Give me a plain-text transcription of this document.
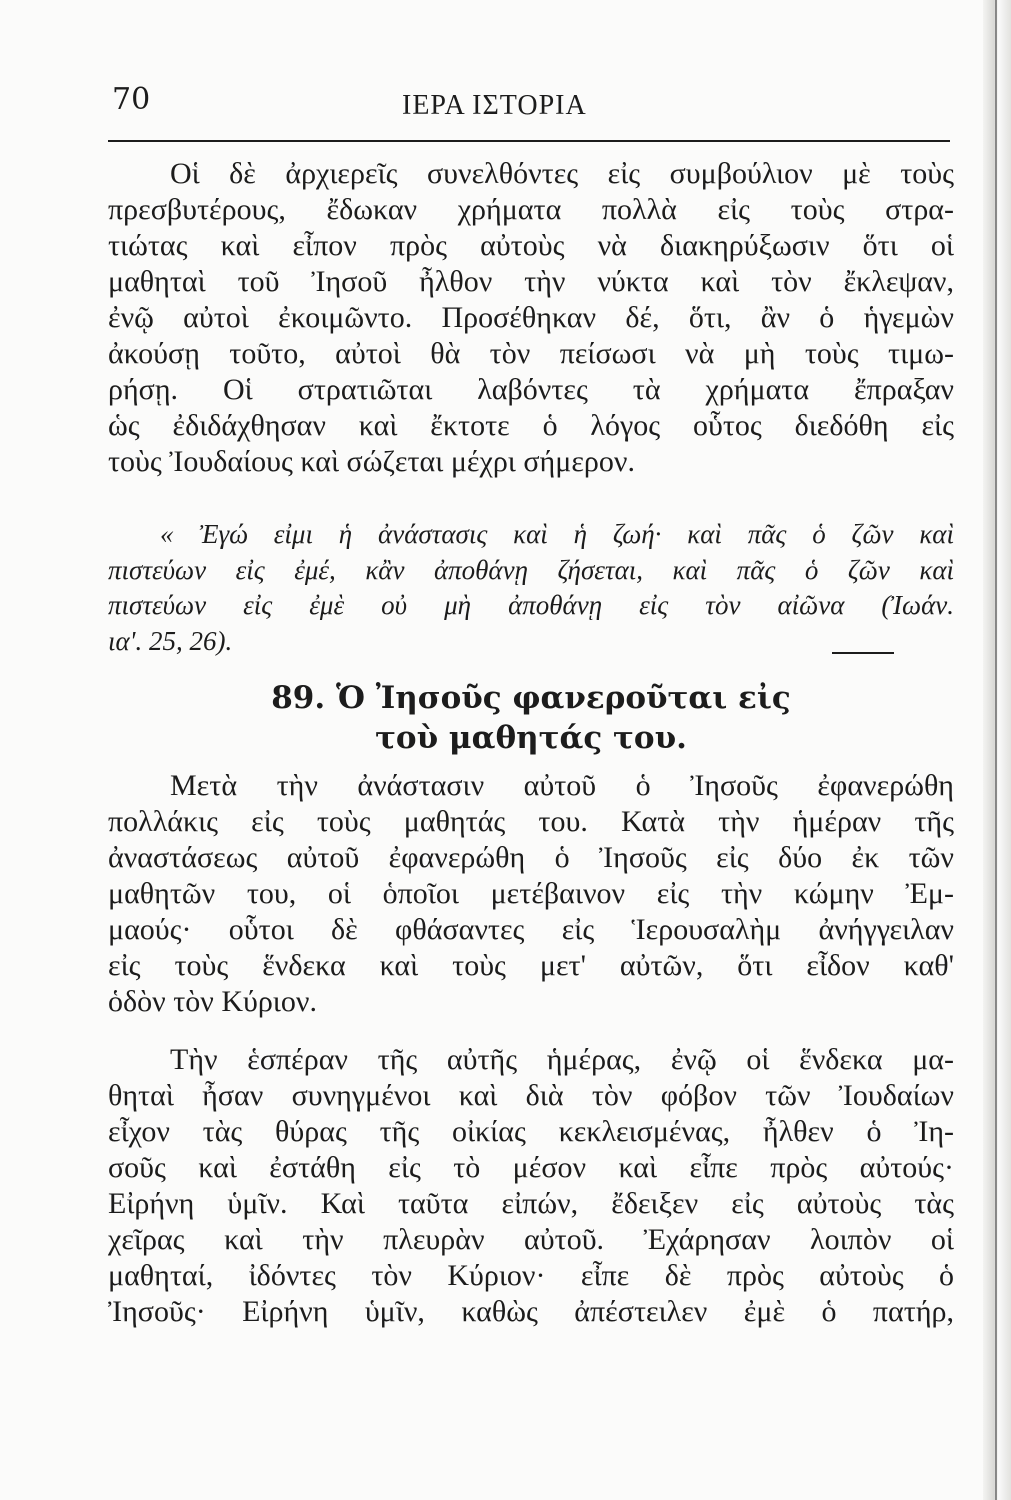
70	ΙΕΡΑ ΙΣΤΟΡΙΑ
Οἱ δὲ ἀρχιερεῖς συνελθόντες εἰς συμβούλιον μὲ τοὺς
πρεσβυτέρους, ἔδωκαν χρήματα πολλὰ εἰς τοὺς στρα-
τιώτας καὶ εἶπον πρὸς αὐτοὺς νὰ διακηρύξωσιν ὅτι οἱ
μαθηταὶ τοῦ Ἰησοῦ ἦλθον τὴν νύκτα καὶ τὸν ἔκλεψαν,
ἐνῷ αὐτοὶ ἐκοιμῶντο. Προσέθηκαν δέ, ὅτι, ἂν ὁ ἡγεμὼν
ἀκούσῃ τοῦτο, αὐτοὶ θὰ τὸν πείσωσι νὰ μὴ τοὺς τιμω-
ρήσῃ. Οἱ στρατιῶται λαβόντες τὰ χρήματα ἔπραξαν
ὡς ἐδιδάχθησαν καὶ ἔκτοτε ὁ λόγος οὗτος διεδόθη εἰς
τοὺς Ἰουδαίους καὶ σώζεται μέχρι σήμερον.
« Ἐγώ εἰμι ἡ ἀνάστασις καὶ ἡ ζωή· καὶ πᾶς ὁ ζῶν καὶ
πιστεύων εἰς ἐμέ, κἂν ἀποθάνῃ ζήσεται, καὶ πᾶς ὁ ζῶν καὶ
πιστεύων εἰς ἐμὲ οὐ μὴ ἀποθάνῃ εἰς τὸν αἰῶνα (Ἰωάν.
ια'. 25, 26).
89. Ὁ Ἰησοῦς φανεροῦται εἰς
τοὺ μαθητάς του.
Μετὰ τὴν ἀνάστασιν αὐτοῦ ὁ Ἰησοῦς ἐφανερώθη
πολλάκις εἰς τοὺς μαθητάς του. Κατὰ τὴν ἡμέραν τῆς
ἀναστάσεως αὐτοῦ ἐφανερώθη ὁ Ἰησοῦς εἰς δύο ἐκ τῶν
μαθητῶν του, οἱ ὁποῖοι μετέβαινον εἰς τὴν κώμην Ἐμ-
μαούς· οὗτοι δὲ φθάσαντες εἰς Ἱερουσαλὴμ ἀνήγγειλαν
εἰς τοὺς ἕνδεκα καὶ τοὺς μετ' αὐτῶν, ὅτι εἶδον καθ'
ὁδὸν τὸν Κύριον.
Τὴν ἑσπέραν τῆς αὐτῆς ἡμέρας, ἐνῷ οἱ ἕνδεκα μα-
θηταὶ ἦσαν συνηγμένοι καὶ διὰ τὸν φόβον τῶν Ἰουδαίων
εἶχον τὰς θύρας τῆς οἰκίας κεκλεισμένας, ἦλθεν ὁ Ἰη-
σοῦς καὶ ἐστάθη εἰς τὸ μέσον καὶ εἶπε πρὸς αὐτούς·
Εἰρήνη ὑμῖν. Καὶ ταῦτα εἰπών, ἔδειξεν εἰς αὐτοὺς τὰς
χεῖρας καὶ τὴν πλευρὰν αὐτοῦ. Ἐχάρησαν λοιπὸν οἱ
μαθηταί, ἰδόντες τὸν Κύριον· εἶπε δὲ πρὸς αὐτοὺς ὁ
Ἰησοῦς· Εἰρήνη ὑμῖν, καθὼς ἀπέστειλεν ἐμὲ ὁ πατήρ,
